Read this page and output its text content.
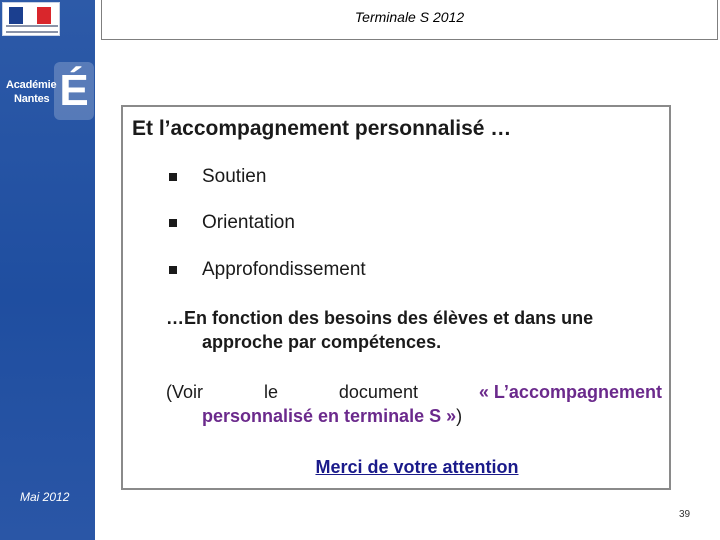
É
Académie
Nantes
Mai 2012
Terminale S 2012
Et l’accompagnement personnalisé …
Soutien
Orientation
Approfondissement
…En fonction des besoins des élèves et dans une
approche par compétences.
(Voir	le	document	« L’accompagnement
personnalisé en terminale S »)
Merci de votre attention
39
